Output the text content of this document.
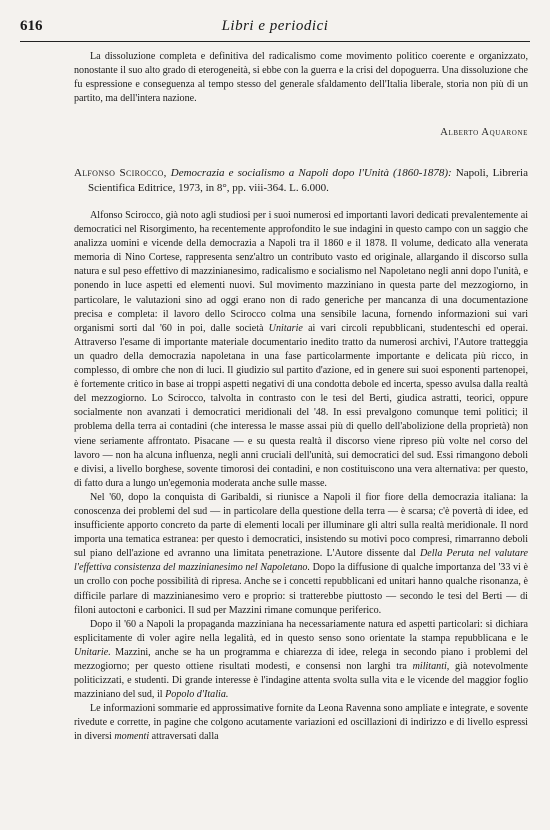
616	Libri e periodici

La dissoluzione completa e definitiva del radicalismo come movimento politico coerente e organizzato, nonostante il suo alto grado di eterogeneità, si ebbe con la guerra e la crisi del dopoguerra. Una dissoluzione che fu espressione e conseguenza al tempo stesso del generale sfaldamento dell'Italia liberale, storia non più di un partito, ma dell'intera nazione.

Alberto Aquarone
Alfonso Scirocco, Democrazia e socialismo a Napoli dopo l'Unità (1860-1878): Napoli, Libreria Scientifica Editrice, 1973, in 8°, pp. viii-364. L. 6.000.

Alfonso Scirocco, già noto agli studiosi per i suoi numerosi ed importanti lavori dedicati prevalentemente ai democratici nel Risorgimento, ha recentemente approfondito le sue indagini in questo campo con un saggio che analizza uomini e vicende della democrazia a Napoli tra il 1860 e il 1878. Il volume, dedicato alla venerata memoria di Nino Cortese, rappresenta senz'altro un contributo vasto ed originale, allargando il discorso sulla natura e sul peso effettivo di mazzinianesimo, radicalismo e socialismo nel Napoletano negli anni dopo l'unità, e ponendo in luce aspetti ed elementi nuovi. Sul movimento mazziniano in questa parte del mezzogiorno, in particolare, le valutazioni sino ad oggi erano non di rado generiche per mancanza di una documentazione precisa e completa: il lavoro dello Scirocco colma una sensibile lacuna, fornendo informazioni sui vari organismi sorti dal '60 in poi, dalle società Unitarie ai vari circoli repubblicani, studenteschi ed operai. Attraverso l'esame di importante materiale documentario inedito tratto da numerosi archivi, l'Autore tratteggia un quadro della democrazia napoletana in una fase particolarmente importante e delicata più ricco, in complesso, di ombre che non di luci. Il giudizio sul partito d'azione, ed in genere sui suoi esponenti partenopei, è fortemente critico in base ai troppi aspetti negativi di una condotta debole ed incerta, spesso avulsa dalla realtà del mezzogiorno. Lo Scirocco, talvolta in contrasto con le tesi del Berti, giudica astratti, teorici, oppure socialmente non avanzati i democratici meridionali del '48. In essi prevalgono comunque temi politici; il problema della terra ai contadini (che interessa le masse assai più di quello dell'abolizione della proprietà) non viene seriamente affrontato. Pisacane — e su questa realtà il discorso viene ripreso più volte nel corso del lavoro — non ha alcuna influenza, negli anni cruciali dell'unità, sui democratici del sud. Essi rimangono deboli e divisi, a livello borghese, sovente timorosi dei contadini, e non costituiscono una vera alternativa: per questo, di fatto dura a lungo un'egemonia moderata anche sulle masse.

Nel '60, dopo la conquista di Garibaldi, si riunisce a Napoli il fior fiore della democrazia italiana: la conoscenza dei problemi del sud — in particolare della questione della terra — è scarsa; c'è povertà di idee, ed insufficiente apporto concreto da parte di elementi locali per illuminare gli altri sulla realtà meridionale. Il nord importa una tematica estranea: per questo i democratici, insistendo su motivi poco compresi, rimarranno deboli sul piano dell'azione ed avranno una limitata penetrazione. L'Autore dissente dal Della Peruta nel valutare l'effettiva consistenza del mazzinianesimo nel Napoletano. Dopo la diffusione di qualche importanza del '33 vi è un crollo con poche possibilità di ripresa. Anche se i concetti repubblicani ed unitari hanno qualche risonanza, è difficile parlare di mazzinianesimo vero e proprio: si tratterebbe piuttosto — secondo le tesi del Berti — di filoni autoctoni e carbonici. Il sud per Mazzini rimane comunque periferico.

Dopo il '60 a Napoli la propaganda mazziniana ha necessariamente natura ed aspetti particolari: si dichiara esplicitamente di voler agire nella legalità, ed in questo senso sono orientate la stampa repubblicana e le Unitarie. Mazzini, anche se ha un programma e chiarezza di idee, relega in secondo piano i problemi del mezzogiorno; per questo ottiene risultati modesti, e consensi non larghi tra militanti, già notevolmente politicizzati, e studenti. Di grande interesse è l'indagine attenta svolta sulla vita e le vicende del maggior foglio mazziniano del sud, il Popolo d'Italia.

Le informazioni sommarie ed approssimative fornite da Leona Ravenna sono ampliate e integrate, e sovente rivedute e corrette, in pagine che colgono acutamente variazioni ed oscillazioni di indirizzo e di livello espressi in diversi momenti attraversati dalla
